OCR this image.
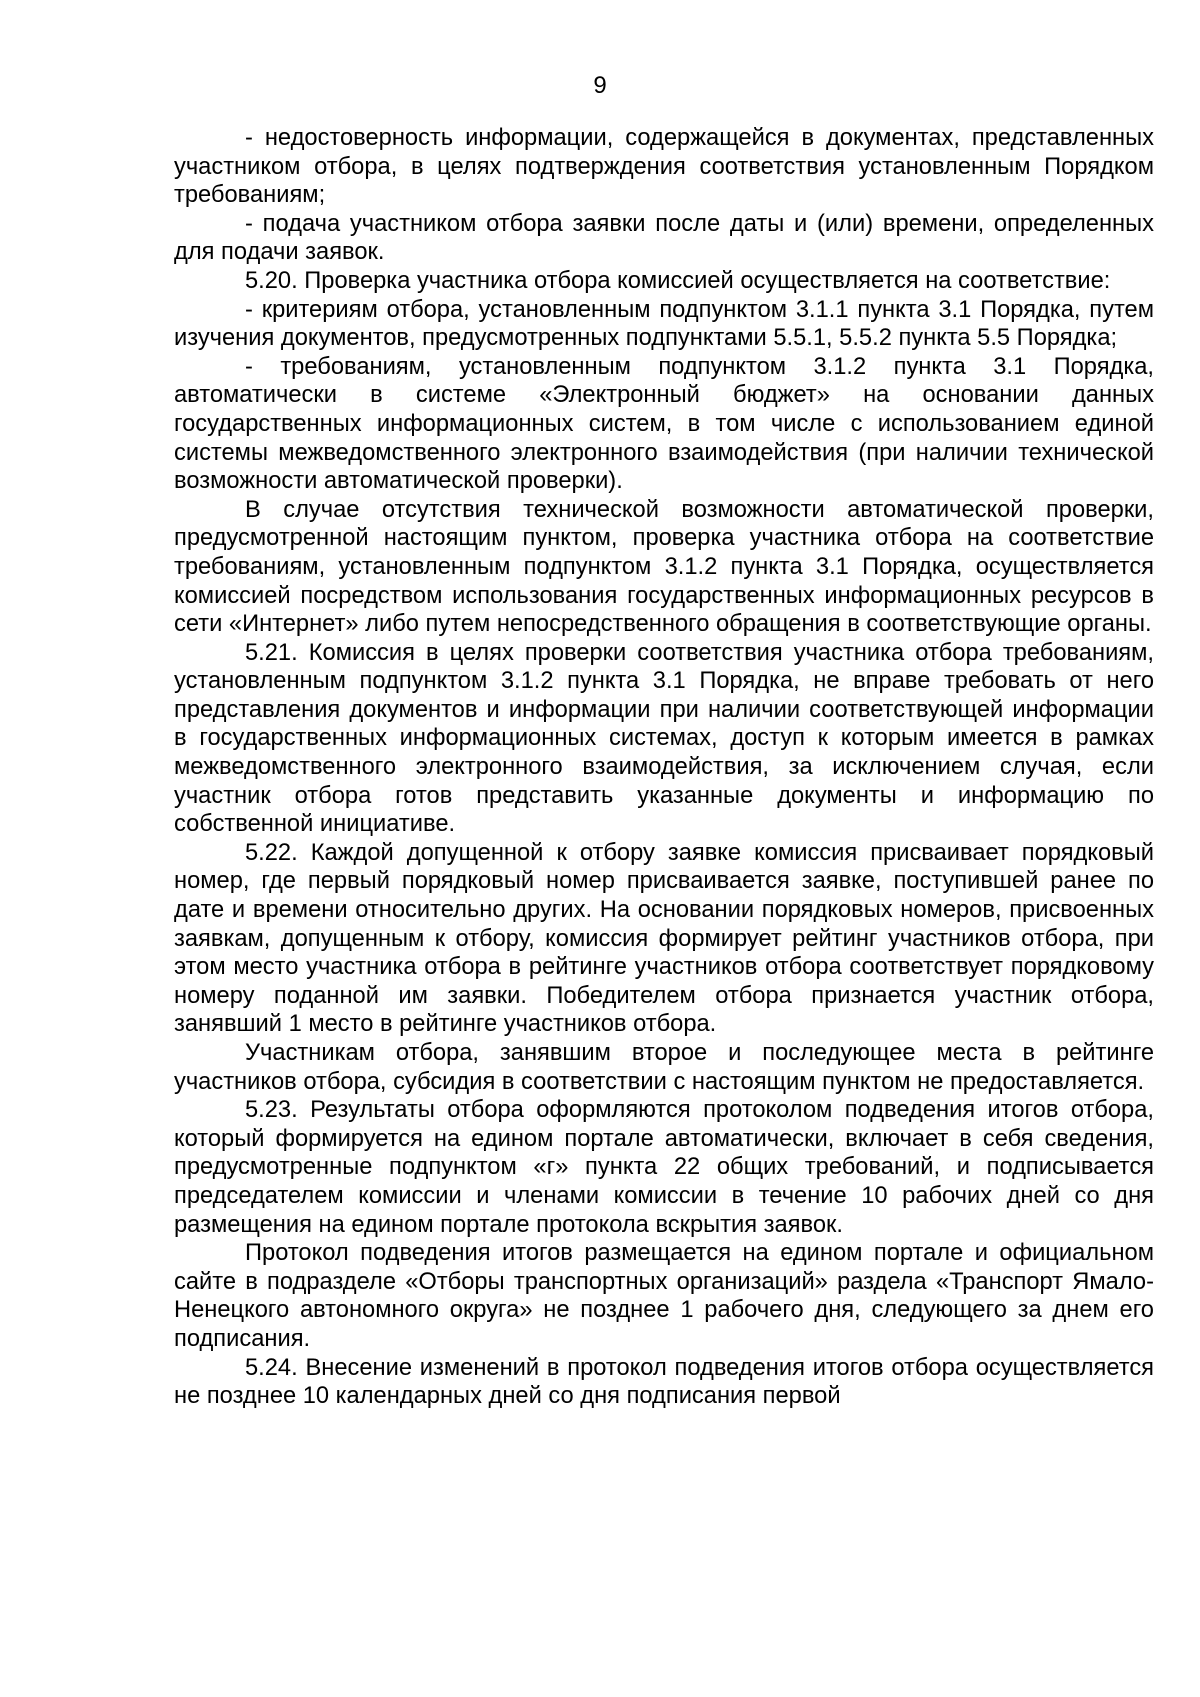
9

- недостоверность информации, содержащейся в документах, представленных участником отбора, в целях подтверждения соответствия установленным Порядком требованиям;

- подача участником отбора заявки после даты и (или) времени, определенных для подачи заявок.

5.20. Проверка участника отбора комиссией осуществляется на соответствие:

- критериям отбора, установленным подпунктом 3.1.1 пункта 3.1 Порядка, путем изучения документов, предусмотренных подпунктами 5.5.1, 5.5.2 пункта 5.5 Порядка;

- требованиям, установленным подпунктом 3.1.2 пункта 3.1 Порядка, автоматически в системе «Электронный бюджет» на основании данных государственных информационных систем, в том числе с использованием единой системы межведомственного электронного взаимодействия (при наличии технической возможности автоматической проверки).

В случае отсутствия технической возможности автоматической проверки, предусмотренной настоящим пунктом, проверка участника отбора на соответствие требованиям, установленным подпунктом 3.1.2 пункта 3.1 Порядка, осуществляется комиссией посредством использования государственных информационных ресурсов в сети «Интернет» либо путем непосредственного обращения в соответствующие органы.

5.21. Комиссия в целях проверки соответствия участника отбора требованиям, установленным подпунктом 3.1.2 пункта 3.1 Порядка, не вправе требовать от него представления документов и информации при наличии соответствующей информации в государственных информационных системах, доступ к которым имеется в рамках межведомственного электронного взаимодействия, за исключением случая, если участник отбора готов представить указанные документы и информацию по собственной инициативе.

5.22. Каждой допущенной к отбору заявке комиссия присваивает порядковый номер, где первый порядковый номер присваивается заявке, поступившей ранее по дате и времени относительно других. На основании порядковых номеров, присвоенных заявкам, допущенным к отбору, комиссия формирует рейтинг участников отбора, при этом место участника отбора в рейтинге участников отбора соответствует порядковому номеру поданной им заявки. Победителем отбора признается участник отбора, занявший 1 место в рейтинге участников отбора.

Участникам отбора, занявшим второе и последующее места в рейтинге участников отбора, субсидия в соответствии с настоящим пунктом не предоставляется.

5.23. Результаты отбора оформляются протоколом подведения итогов отбора, который формируется на едином портале автоматически, включает в себя сведения, предусмотренные подпунктом «г» пункта 22 общих требований, и подписывается председателем комиссии и членами комиссии в течение 10 рабочих дней со дня размещения на едином портале протокола вскрытия заявок.

Протокол подведения итогов размещается на едином портале и официальном сайте в подразделе «Отборы транспортных организаций» раздела «Транспорт Ямало-Ненецкого автономного округа» не позднее 1 рабочего дня, следующего за днем его подписания.

5.24. Внесение изменений в протокол подведения итогов отбора осуществляется не позднее 10 календарных дней со дня подписания первой
